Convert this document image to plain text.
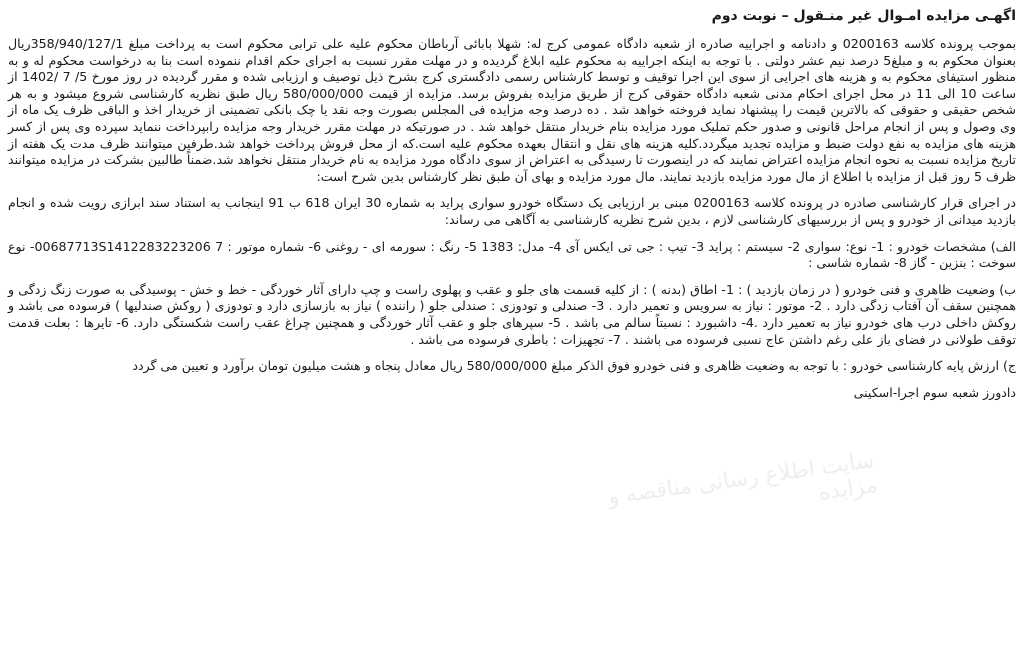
اگهـی مزایده امـوال غیر منـقول – نوبت دوم

بموجب پرونده کلاسه 0200163 و دادنامه و اجراییه صادره از شعبه دادگاه عمومی کرج له: شهلا بابائی آرباطان محکوم علیه علی ترابی محکوم است به پرداخت مبلغ 358/940/127/1ریال بعنوان محکوم به و مبلغ5 درصد نیم عشر دولتی . با توجه به اینکه اجراییه به محکوم علیه ابلاغ گردیده و در مهلت مقرر نسبت به اجرای حکم اقدام ننموده است بنا به درخواست محکوم له و به منظور استیفای محکوم به و هزینه های اجرایی از سوی این اجرا توقیف و توسط کارشناس رسمی دادگستری کرج بشرح ذیل توصیف و ارزیابی شده و مقرر گردیده در روز مورخ 5/ 7 /1402 از ساعت 10 الی 11 در محل اجرای احکام مدنی شعبه دادگاه حقوقی کرج از طریق مزایده بفروش برسد. مزایده از قیمت 580/000/000 ریال طبق نظریه کارشناسی شروع میشود و به هر شخص حقیقی و حقوقی که بالاترین قیمت را پیشنهاد نماید فروخته خواهد شد . ده درصد وجه مزایده فی المجلس بصورت وجه نقد یا چک بانکی تضمینی از خریدار اخذ و الباقی ظرف یک ماه از وی وصول و پس از انجام مراحل قانونی و صدور حکم تملیک مورد مزایده بنام خریدار منتقل خواهد شد . در صورتیکه در مهلت مقرر خریدار وجه مزایده رابپرداخت ننماید سپرده وی پس از کسر هزینه های مزایده به نفع دولت ضبط و مزایده تجدید میگردد.کلیه هزینه های نقل و انتقال بعهده محکوم علیه است.که از محل فروش پرداخت خواهد شد.طرفین میتوانند ظرف مدت یک هفته از تاریخ مزایده نسبت به نحوه انجام مزایده اعتراض نمایند که در اینصورت تا رسیدگی به اعتراض از سوی دادگاه مورد مزایده به نام خریدار منتقل نخواهد شد.ضمناً طالبین بشرکت در مزایده میتوانند ظرف 5 روز قبل از مزایده با اطلاع از مال مورد مزایده بازدید نمایند. مال مورد مزایده و بهای آن طبق نظر کارشناس بدین شرح است:

در اجرای قرار کارشناسی صادره در پرونده کلاسه 0200163 مبنی بر ارزیابی یک دستگاه خودرو سواری پراید به شماره 30 ایران 618 ب 91 اینجانب به استناد سند ابرازی رویت شده و انجام بازدید میدانی از خودرو و پس از بررسیهای کارشناسی لازم ، بدین شرح نظریه کارشناسی به آگاهی می رساند:

الف) مشخصات خودرو : 1- نوع: سواری 2- سیستم : پراید 3- تیپ : جی تی ایکس آی 4- مدل: 1383 5- رنگ : سورمه ای - روغنی 6- شماره موتور : 00687713S1412283223206 7- نوع سوخت : بنزین - گاز 8- شماره شاسی :

ب) وضعیت ظاهری و فنی خودرو ( در زمان بازدید ) : 1- اطاق (بدنه ) : از کلیه قسمت های جلو و عقب و پهلوی راست و چپ دارای آثار خوردگی - خط و خش - پوسیدگی به صورت زنگ زدگی و همچنین سقف آن آفتاب زدگی دارد . 2- موتور : نیاز به سرویس و تعمیر دارد . 3- صندلی و تودوزی : صندلی جلو ( راننده ) نیاز به بازسازی دارد و تودوزی ( روکش صندلیها ) فرسوده می باشد و روکش داخلی درب های خودرو نیاز به تعمیر دارد .4- داشبورد : نسبتاً سالم می باشد . 5- سپرهای جلو و عقب آثار خوردگی و همچنین چراغ عقب راست شکستگی دارد. 6- تایرها : بعلت قدمت توقف طولانی در فضای باز علی رغم داشتن عاج نسبی فرسوده می باشند . 7- تجهیزات : باطری فرسوده می باشد .

ج) ارزش پایه کارشناسی خودرو : با توجه به وضعیت ظاهری و فنی خودرو فوق الذکر مبلغ 580/000/000 ریال معادل پنجاه و هشت میلیون تومان برآورد و تعیین می گردد

دادورز شعبه سوم اجرا-اسکینی

سایت اطلاع رسانی مناقصه و مزایده
